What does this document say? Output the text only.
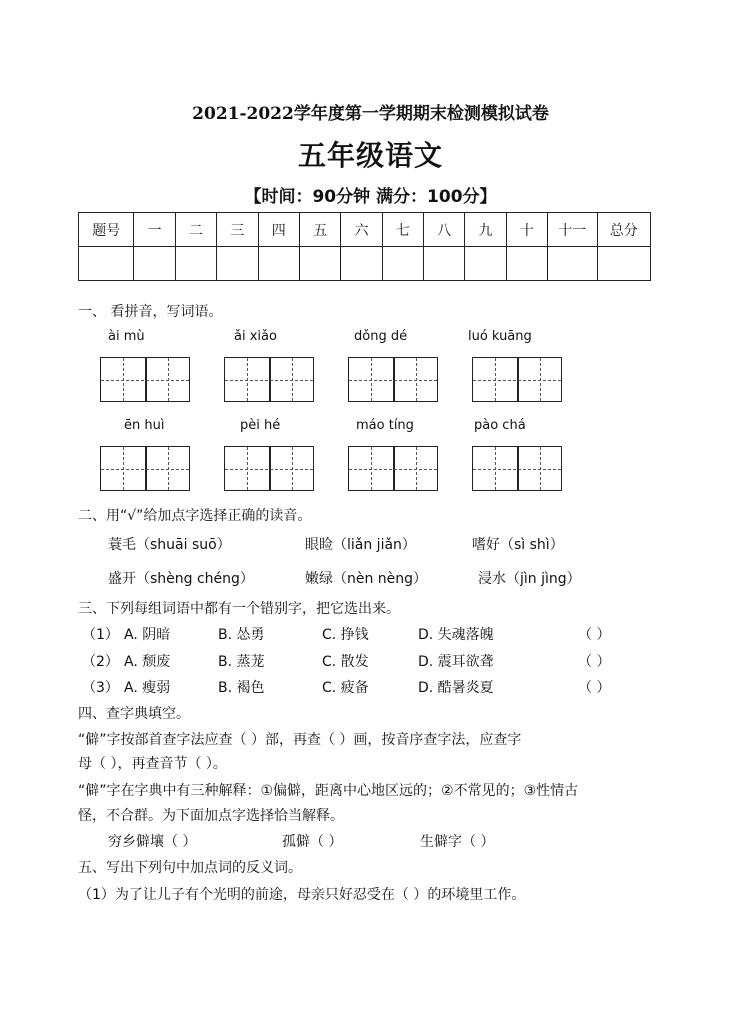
2021-2022学年度第一学期期末检测模拟试卷
五年级语文
【时间：90分钟 满分：100分】
题号	一	二	三	四	五	六	七	八	九	十	十一	总分

一、 看拼音，写词语。
ài mù	ǎi xiǎo	dǒng dé	luó kuāng
ēn huì	pèi hé	máo tíng	pào chá
二、用“√”给加点字选择正确的读音。
蓑毛（shuāi suō）	眼睑（liǎn jiǎn）	嗜好（sì shì）
盛开（shèng chéng）	嫩绿（nèn nèng）	浸水（jìn jìng）
三、下列每组词语中都有一个错别字，把它选出来。
（1） A. 阴暗	B. 怂勇	C. 挣钱	D. 失魂落魄	（ ）
（2） A. 颓废	B. 蒸茏	C. 散发	D. 震耳欲聋	（ ）
（3） A. 瘦弱	B. 褐色	C. 疲备	D. 酷暑炎夏	（ ）
四、查字典填空。
“僻”字按部首查字法应查（ ）部，再查（ ）画，按音序查字法，应查字
母（ ），再查音节（ ）。
“僻”字在字典中有三种解释：①偏僻，距离中心地区远的；②不常见的；③性情古
怪，不合群。为下面加点字选择恰当解释。
穷乡僻壤（ ）	孤僻（ ）	生僻字（ ）
五、写出下列句中加点词的反义词。
（1）为了让儿子有个光明的前途，母亲只好忍受在（ ）的环境里工作。
